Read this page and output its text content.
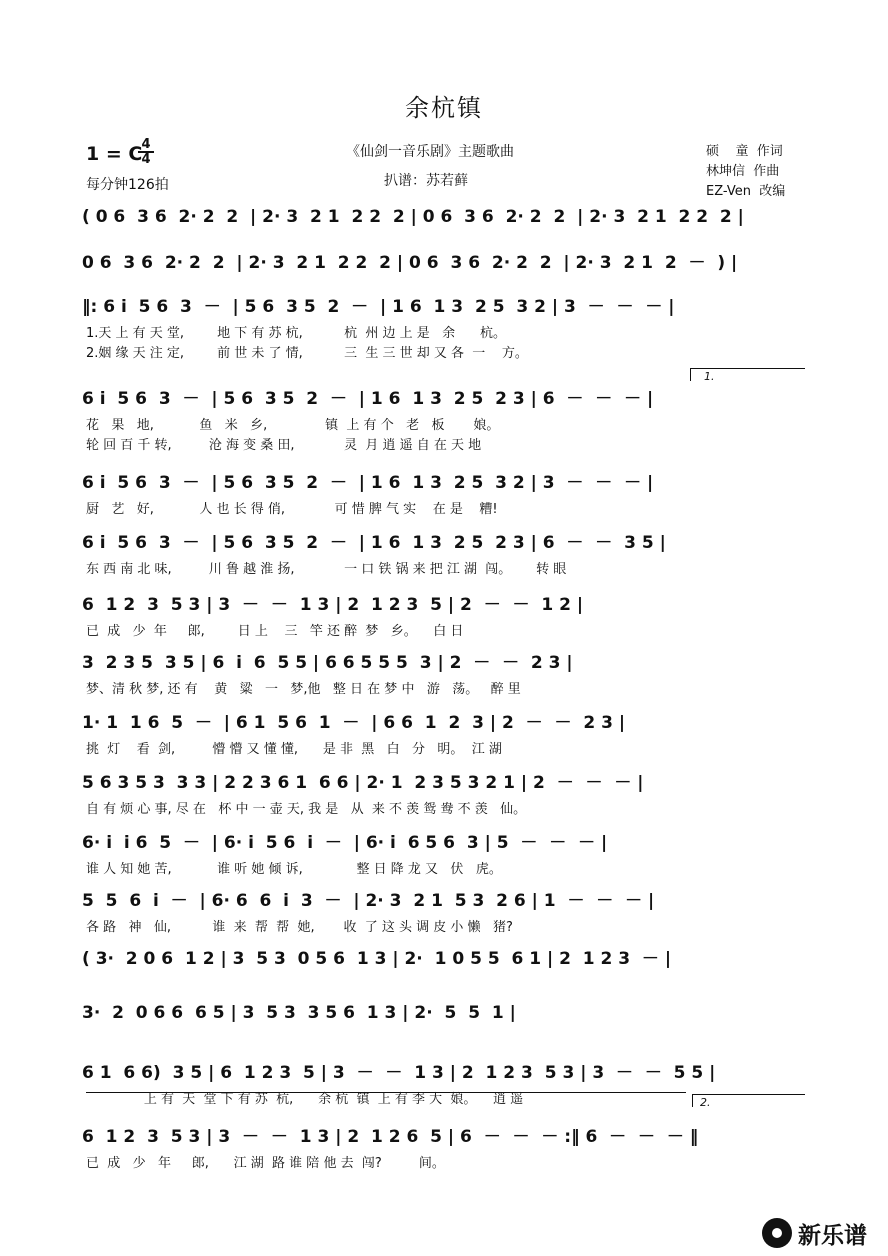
余杭镇
1 = C 4
4
每分钟126拍
《仙剑一音乐剧》主题歌曲
扒谱：苏若藓
硕    童  作词
林坤信  作曲
EZ-Ven  改编
( 0 6  3 6  2· 2  2  | 2· 3  2 1  2 2  2 | 0 6  3 6  2· 2  2  | 2· 3  2 1  2 2  2 |
0 6  3 6  2· 2  2  | 2· 3  2 1  2 2  2 | 0 6  3 6  2· 2  2  | 2· 3  2 1  2  －  ) |
‖: 6 i  5 6  3  －  | 5 6  3 5  2  －  | 1 6  1 3  2 5  3 2 | 3  －  －  － |
1.天 上 有 天 堂,        地 下 有 苏 杭,          杭  州 边 上 是   余      杭。
2.姻 缘 天 注 定,        前 世 未 了 情,          三  生 三 世 却 又 各  一    方。
6 i  5 6  3  －  | 5 6  3 5  2  －  | 1 6  1 3  2 5  2 3 | 6  －  －  － |
花   果   地,           鱼   米   乡,              镇  上 有 个   老   板       娘。
轮 回 百 千 转,         沧 海 变 桑 田,            灵  月 逍 遥 自 在 天 地
6 i  5 6  3  －  | 5 6  3 5  2  －  | 1 6  1 3  2 5  3 2 | 3  －  －  － |
厨   艺   好,           人 也 长 得 俏,            可 惜 脾 气 实    在 是    糟!
6 i  5 6  3  －  | 5 6  3 5  2  －  | 1 6  1 3  2 5  2 3 | 6  －  －  3 5 |
东 西 南 北 味,         川 鲁 越 淮 扬,            一 口 铁 锅 来 把 江 湖  闯。      转 眼
6  1 2  3  5 3 | 3  －  －  1 3 | 2  1 2 3  5 | 2  －  －  1 2 |
已  成   少  年     郎,        日 上    三   竿 还 醉  梦   乡。    白 日
3  2 3 5  3 5 | 6  i  6  5 5 | 6 6 5 5 5  3 | 2  －  －  2 3 |
梦、清 秋 梦, 还 有    黄   粱   一   梦,他   整 日 在 梦 中   游   荡。   醉 里
1· 1  1 6  5  －  | 6 1  5 6  1  －  | 6 6  1  2  3 | 2  －  －  2 3 |
挑  灯    看  剑,         懵 懵 又 懂 懂,      是 非  黑   白   分   明。  江 湖
5 6 3 5 3  3 3 | 2 2 3 6 1  6 6 | 2· 1  2 3 5 3 2 1 | 2  －  －  － |
自 有 烦 心 事, 尽 在   杯 中 一 壶 天, 我 是   从  来 不 羡 鸳 鸯 不 羡   仙。
6· i  i 6  5  －  | 6· i  5 6  i  －  | 6· i  6 5 6  3 | 5  －  －  － |
谁 人 知 她 苦,           谁 听 她 倾 诉,             整 日 降 龙 又   伏   虎。
5  5  6  i  －  | 6· 6  6  i  3  －  | 2· 3  2 1  5 3  2 6 | 1  －  －  － |
各 路   神   仙,          谁  来  帮  帮  她,       收  了 这 头 调 皮 小 懒   猪?
( 3·  2 0 6  1 2 | 3  5 3  0 5 6  1 3 | 2·  1 0 5 5  6 1 | 2  1 2 3  － |
3·  2  0 6 6  6 5 | 3  5 3  3 5 6  1 3 | 2·  5  5  1 |
6 1  6 6)  3 5 | 6  1 2 3  5 | 3  －  －  1 3 | 2  1 2 3  5 3 | 3  －  －  5 5 |
上 有  天  堂 下 有 苏  杭,      余 杭  镇  上 有 李 大  娘。    逍 遥
6  1 2  3  5 3 | 3  －  －  1 3 | 2  1 2 6  5 | 6  －  －  － :‖ 6  －  －  － ‖
已  成   少   年     郎,      江 湖  路 谁 陪 他 去  闯?         间。
1.
2.
新乐谱
